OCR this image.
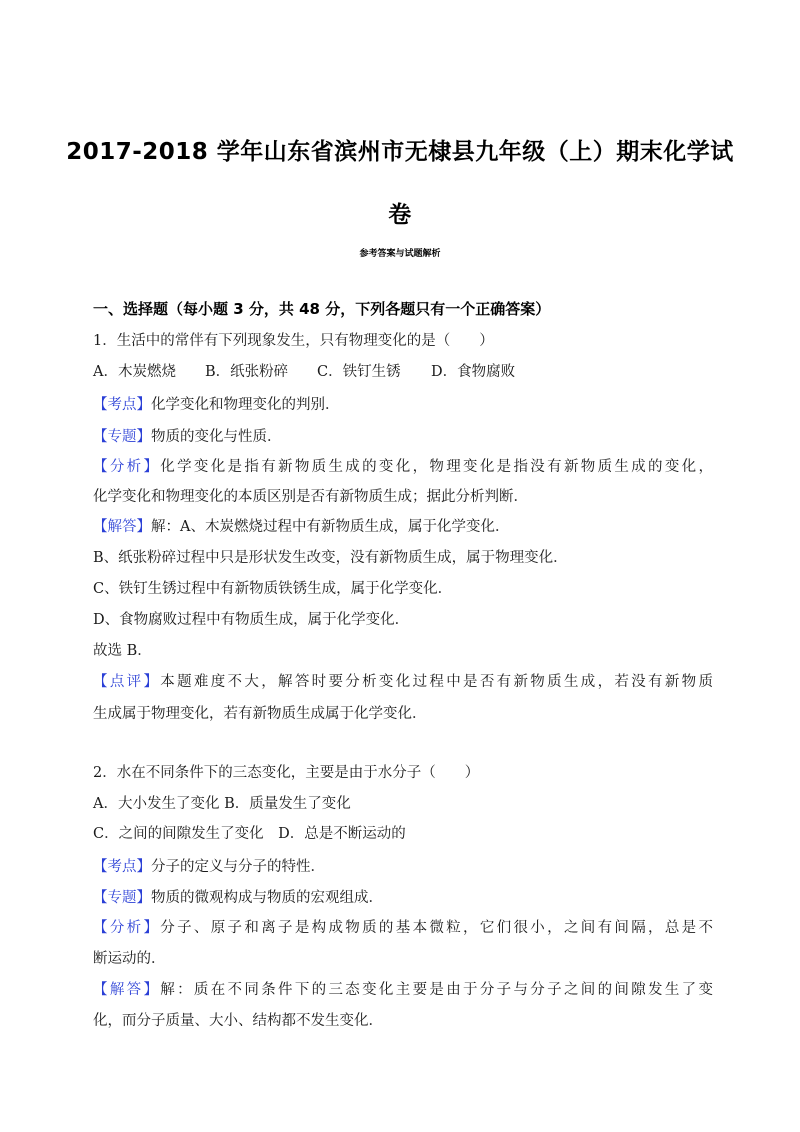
2017-2018 学年山东省滨州市无棣县九年级（上）期末化学试
卷
参考答案与试题解析
一、选择题（每小题 3 分，共 48 分，下列各题只有一个正确答案）
1．生活中的常伴有下列现象发生，只有物理变化的是（　　）
A．木炭燃烧 B．纸张粉碎 C．铁钉生锈 D．食物腐败
【考点】化学变化和物理变化的判别．
【专题】物质的变化与性质．
【分析】化学变化是指有新物质生成的变化，物理变化是指没有新物质生成的变化，
化学变化和物理变化的本质区别是否有新物质生成；据此分析判断．
【解答】解：A、木炭燃烧过程中有新物质生成，属于化学变化．
B、纸张粉碎过程中只是形状发生改变，没有新物质生成，属于物理变化．
C、铁钉生锈过程中有新物质铁锈生成，属于化学变化．
D、食物腐败过程中有物质生成，属于化学变化．
故选 B．
【点评】本题难度不大，解答时要分析变化过程中是否有新物质生成，若没有新物质
生成属于物理变化，若有新物质生成属于化学变化．
2．水在不同条件下的三态变化，主要是由于水分子（　　）
A．大小发生了变化 B．质量发生了变化
C．之间的间隙发生了变化　D．总是不断运动的
【考点】分子的定义与分子的特性．
【专题】物质的微观构成与物质的宏观组成．
【分析】分子、原子和离子是构成物质的基本微粒，它们很小，之间有间隔，总是不
断运动的．
【解答】解：质在不同条件下的三态变化主要是由于分子与分子之间的间隙发生了变
化，而分子质量、大小、结构都不发生变化．
